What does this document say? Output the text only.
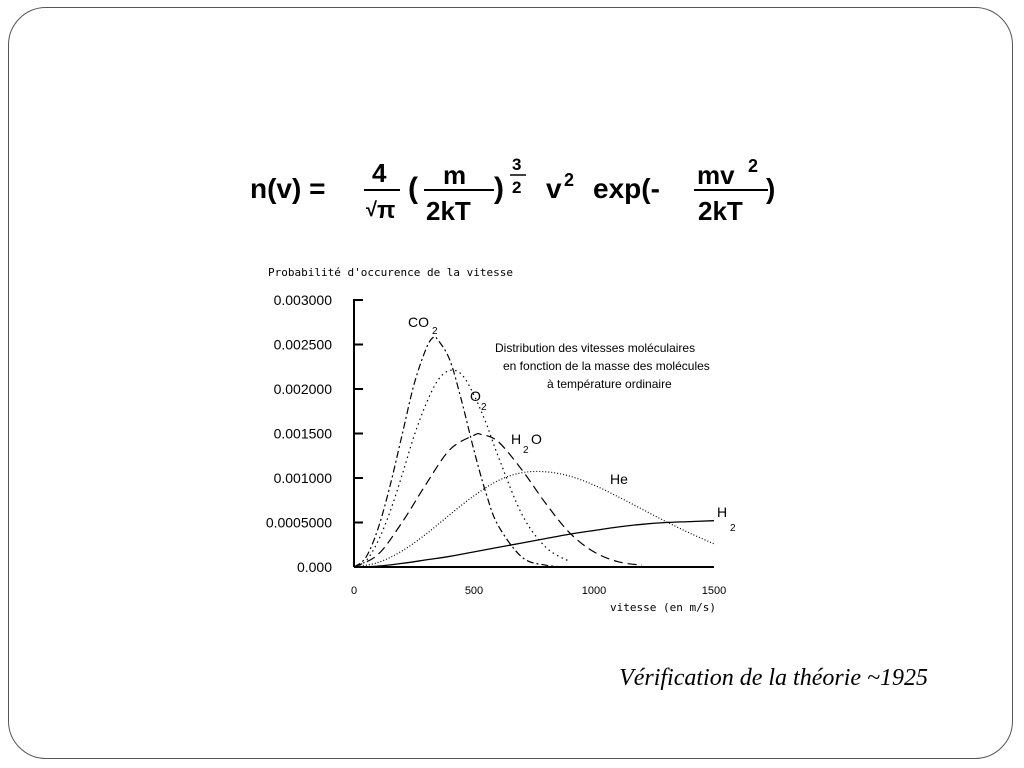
n(v) = 4
√ π
( m
2kT
)
3
2 v 2 exp(- mv 2
2kT
)
Probabilité d'occurence de la vitesse
0.000
0.0005000
0.001000
0.001500
0.002000
0.002500
0.003000
0	500	1000	1500
vitesse (en m/s)
Distribution des vitesses moléculaires
en fonction de la masse des molécules
à température ordinaire
CO
2
O
2
H
2
O
He
H
2
Vérification de la théorie ~1925
